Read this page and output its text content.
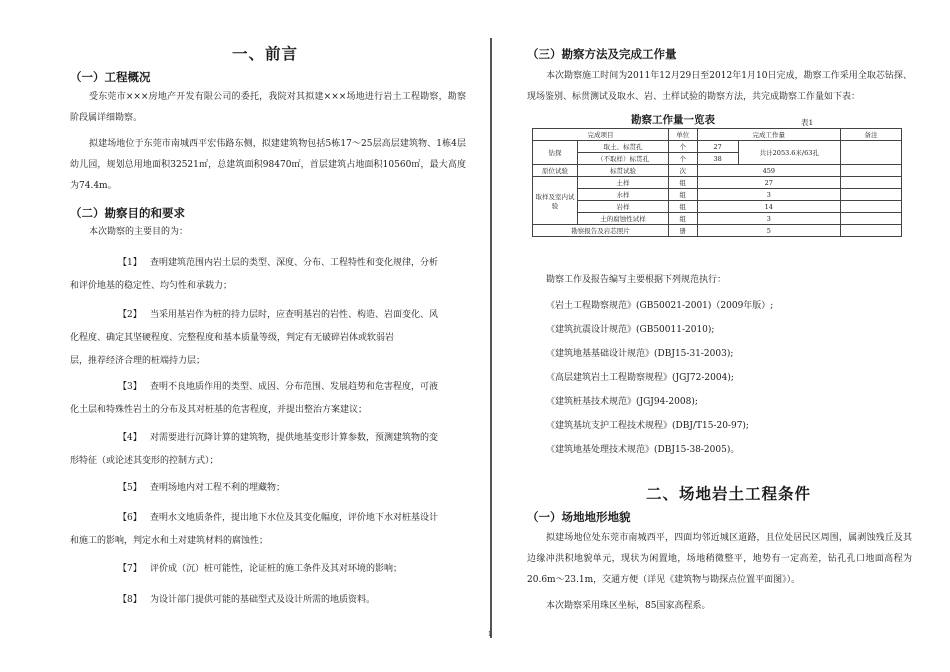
一、前言
（一）工程概况
受东莞市×××房地产开发有限公司的委托，我院对其拟建×××场地进行岩土工程勘察，勘察阶段属详细勘察。
拟建场地位于东莞市南城西平宏伟路东侧，拟建建筑物包括5栋17～25层高层建筑物、1栋4层幼儿园，规划总用地面积32521㎡，总建筑面积98470㎡，首层建筑占地面积10560㎡，最大高度为74.4m。
（二）勘察目的和要求
本次勘察的主要目的为：
【1】 查明建筑范围内岩土层的类型、深度、分布、工程特性和变化规律，分析
和评价地基的稳定性、均匀性和承载力；
【2】 当采用基岩作为桩的持力层时，应查明基岩的岩性、构造、岩面变化、风
化程度、确定其坚硬程度、完整程度和基本质量等级，判定有无破碎岩体或软弱岩
层，推荐经济合理的桩端持力层；
【3】 查明不良地质作用的类型、成因、分布范围、发展趋势和危害程度，可液
化土层和特殊性岩土的分布及其对桩基的危害程度，并提出整治方案建议；
【4】 对需要进行沉降计算的建筑物，提供地基变形计算参数，预测建筑物的变
形特征（或论述其变形的控制方式）；
【5】 查明场地内对工程不利的埋藏物；
【6】 查明水文地质条件，提出地下水位及其变化幅度，评价地下水对桩基设计
和施工的影响，判定水和土对建筑材料的腐蚀性；
【7】 评价成（沉）桩可能性，论证桩的施工条件及其对环境的影响；
【8】 为设计部门提供可能的基础型式及设计所需的地质资料。
（三）勘察方法及完成工作量
本次勘察施工时间为2011年12月29日至2012年1月10日完成，勘察工作采用全取芯钻探、现场鉴别、标贯测试及取水、岩、土样试验的勘察方法，共完成勘察工作量如下表：
勘察工作量一览表	表1
完成项目		单位	完成工作量		备注
钻探	取土、标贯孔	个	27	共计2053.6米/63孔	
	（不取样）标贯孔	个	38		
原位试验	标贯试验	次	459		
取样及室内试验	土样	组	27		
	水样	组	3		
	岩样	组	14		
	土的腐蚀性试样	组	3		
勘察报告及岩芯照片		册	5		
勘察工作及报告编写主要根据下列规范执行：
《岩土工程勘察规范》(GB50021-2001)（2009年版）;
《建筑抗震设计规范》(GB50011-2010);
《建筑地基基础设计规范》(DBJ15-31-2003);
《高层建筑岩土工程勘察规程》(JGJ72-2004);
《建筑桩基技术规范》(JGJ94-2008);
《建筑基坑支护工程技术规程》(DBJ/T15-20-97);
《建筑地基处理技术规范》(DBJ15-38-2005)。
二、场地岩土工程条件
（一）场地地形地貌
拟建场地位处东莞市南城西平，四面均邻近城区道路，且位处居民区周围，属剥蚀残丘及其边缘冲洪积地貌单元，现状为闲置地，场地稍微整平，地势有一定高差，钻孔孔口地面高程为20.6m～23.1m，交通方便（详见《建筑物与勘探点位置平面图》）。
本次勘察采用珠区坐标，85国家高程系。
1
